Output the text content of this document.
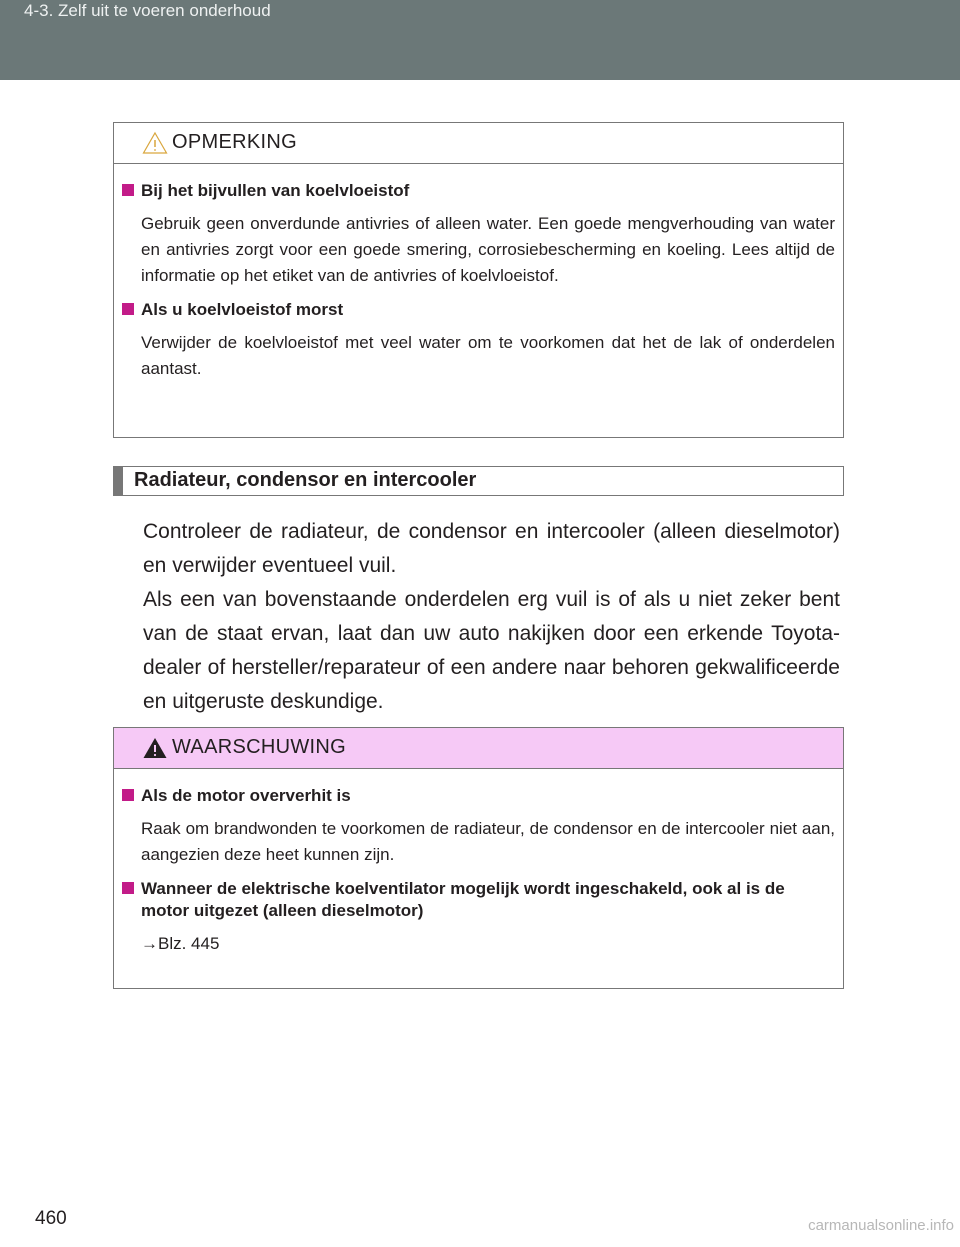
4-3. Zelf uit te voeren onderhoud
OPMERKING
Bij het bijvullen van koelvloeistof
Gebruik geen onverdunde antivries of alleen water. Een goede mengverhouding van water en antivries zorgt voor een goede smering, corrosiebescherming en koeling. Lees altijd de informatie op het etiket van de antivries of koelvloeistof.
Als u koelvloeistof morst
Verwijder de koelvloeistof met veel water om te voorkomen dat het de lak of onderdelen aantast.
Radiateur, condensor en intercooler

Controleer de radiateur, de condensor en intercooler (alleen dieselmotor) en verwijder eventueel vuil.

Als een van bovenstaande onderdelen erg vuil is of als u niet zeker bent van de staat ervan, laat dan uw auto nakijken door een erkende Toyota-dealer of hersteller/reparateur of een andere naar behoren gekwalificeerde en uitgeruste deskundige.

WAARSCHUWING
Als de motor oververhit is
Raak om brandwonden te voorkomen de radiateur, de condensor en de intercooler niet aan, aangezien deze heet kunnen zijn.
Wanneer de elektrische koelventilator mogelijk wordt ingeschakeld, ook al is de motor uitgezet (alleen dieselmotor)
→Blz. 445
460	carmanualsonline.info
